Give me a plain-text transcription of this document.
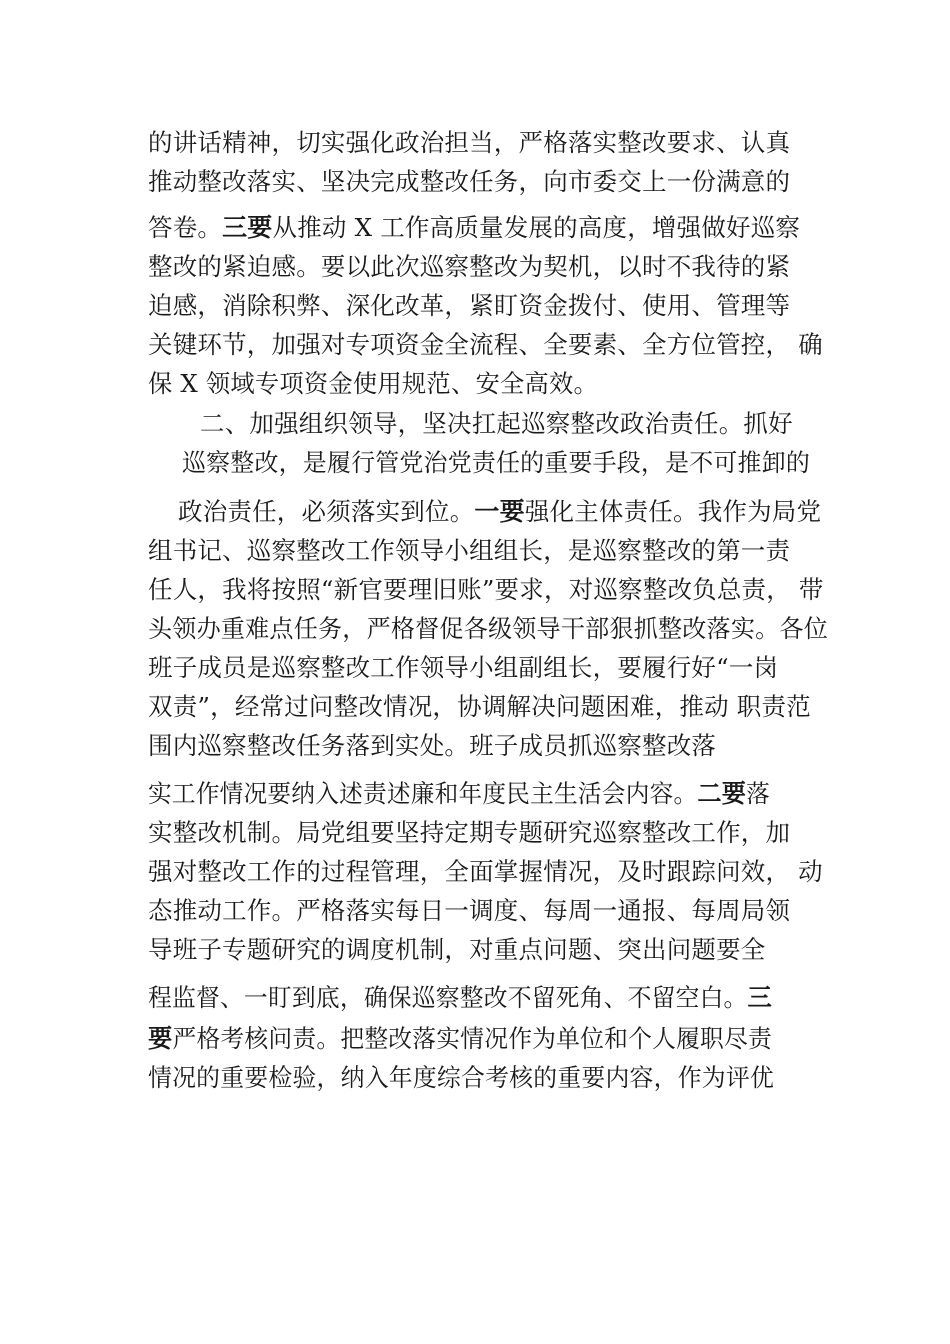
的讲话精神，切实强化政治担当，严格落实整改要求、认真
推动整改落实、坚决完成整改任务，向市委交上一份满意的
答卷。三要从推动 X 工作高质量发展的高度，增强做好巡察
整改的紧迫感。要以此次巡察整改为契机，以时不我待的紧
迫感，消除积弊、深化改革，紧盯资金拨付、使用、管理等
关键环节，加强对专项资金全流程、全要素、全方位管控， 确
保 X 领域专项资金使用规范、安全高效。
二、加强组织领导，坚决扛起巡察整改政治责任。抓好
巡察整改，是履行管党治党责任的重要手段，是不可推卸的
政治责任，必须落实到位。一要强化主体责任。我作为局党
组书记、巡察整改工作领导小组组长，是巡察整改的第一责
任人，我将按照“新官要理旧账”要求，对巡察整改负总责， 带
头领办重难点任务，严格督促各级领导干部狠抓整改落实。各位
班子成员是巡察整改工作领导小组副组长，要履行好“一岗
双责”，经常过问整改情况，协调解决问题困难，推动 职责范
围内巡察整改任务落到实处。班子成员抓巡察整改落
实工作情况要纳入述责述廉和年度民主生活会内容。二要落
实整改机制。局党组要坚持定期专题研究巡察整改工作，加
强对整改工作的过程管理，全面掌握情况，及时跟踪问效， 动
态推动工作。严格落实每日一调度、每周一通报、每周局领
导班子专题研究的调度机制，对重点问题、突出问题要全
程监督、一盯到底，确保巡察整改不留死角、不留空白。三
要严格考核问责。把整改落实情况作为单位和个人履职尽责
情况的重要检验，纳入年度综合考核的重要内容，作为评优
